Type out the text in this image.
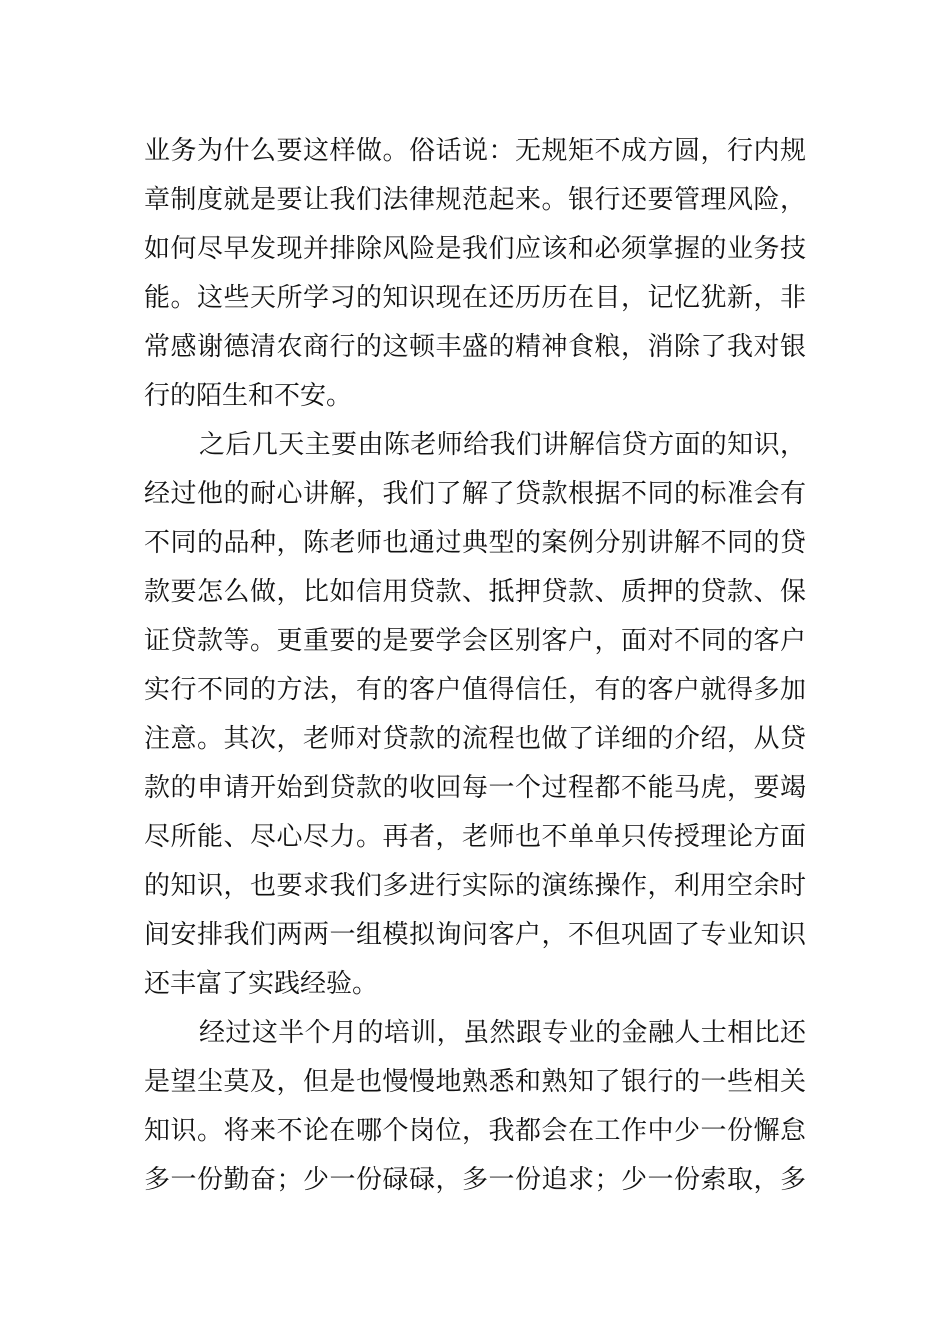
业务为什么要这样做。俗话说：无规矩不成方圆，行内规
章制度就是要让我们法律规范起来。银行还要管理风险，
如何尽早发现并排除风险是我们应该和必须掌握的业务技
能。这些天所学习的知识现在还历历在目，记忆犹新，非
常感谢德清农商行的这顿丰盛的精神食粮，消除了我对银
行的陌生和不安。
之后几天主要由陈老师给我们讲解信贷方面的知识，
经过他的耐心讲解，我们了解了贷款根据不同的标准会有
不同的品种，陈老师也通过典型的案例分别讲解不同的贷
款要怎么做，比如信用贷款、抵押贷款、质押的贷款、保
证贷款等。更重要的是要学会区别客户，面对不同的客户
实行不同的方法，有的客户值得信任，有的客户就得多加
注意。其次，老师对贷款的流程也做了详细的介绍，从贷
款的申请开始到贷款的收回每一个过程都不能马虎，要竭
尽所能、尽心尽力。再者，老师也不单单只传授理论方面
的知识，也要求我们多进行实际的演练操作，利用空余时
间安排我们两两一组模拟询问客户，不但巩固了专业知识
还丰富了实践经验。
经过这半个月的培训，虽然跟专业的金融人士相比还
是望尘莫及，但是也慢慢地熟悉和熟知了银行的一些相关
知识。将来不论在哪个岗位，我都会在工作中少一份懈怠
多一份勤奋；少一份碌碌，多一份追求；少一份索取，多
